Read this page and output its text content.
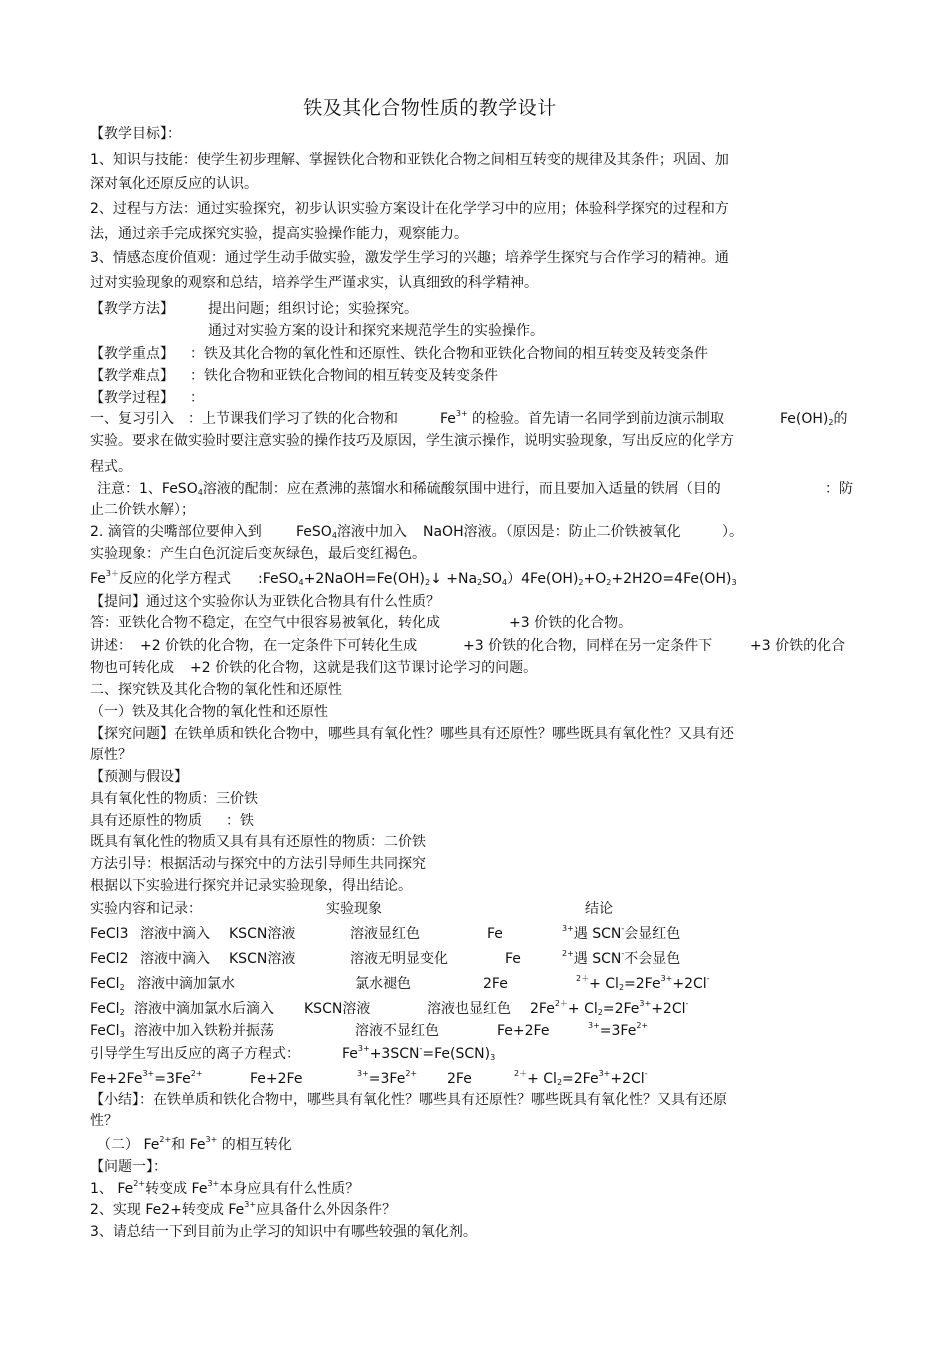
铁及其化合物性质的教学设计
【教学目标】：
1、知识与技能：使学生初步理解、掌握铁化合物和亚铁化合物之间相互转变的规律及其条件；巩固、加
深对氧化还原反应的认识。
2、过程与方法：通过实验探究，初步认识实验方案设计在化学学习中的应用；体验科学探究的过程和方
法，通过亲手完成探究实验，提高实验操作能力，观察能力。
3、情感态度价值观：通过学生动手做实验，激发学生学习的兴趣；培养学生探究与合作学习的精神。通
过对实验现象的观察和总结，培养学生严谨求实，认真细致的科学精神。
【教学方法】 提出问题；组织讨论；实验探究。
通过对实验方案的设计和探究来规范学生的实验操作。
【教学重点】 ：铁及其化合物的氧化性和还原性、铁化合物和亚铁化合物间的相互转变及转变条件
【教学难点】 ：铁化合物和亚铁化合物间的相互转变及转变条件
【教学过程】 ：
一、复习引入 ：上节课我们学习了铁的化合物和	$Fe^{3+}$ 的检验。首先请一名同学到前边演示制取	$Fe(OH)_2$的
实验。要求在做实验时要注意实验的操作技巧及原因，学生演示操作，说明实验现象，写出反应的化学方
程式。
注意：1、FeSO$_4$溶液的配制：应在煮沸的蒸馏水和稀硫酸氛围中进行，而且要加入适量的铁屑（目的	：防
止二价铁水解）；
2. 滴管的尖嘴部位要伸入到 FeSO$_4$溶液中加入 NaOH溶液。（原因是：防止二价铁被氧化	）。
实验现象：产生白色沉淀后变灰绿色，最后变红褐色。
$Fe^{3+}$反应的化学方程式 $:FeSO_4+2NaOH=Fe(OH)_2↓ +Na_2SO_4)4Fe(OH)_2+O_2+2H2O=4Fe(OH)_3$
【提问】通过这个实验你认为亚铁化合物具有什么性质？
答：亚铁化合物不稳定，在空气中很容易被氧化，转化成	+3 价铁的化合物。
讲述： +2 价铁的化合物，在一定条件下可转化生成	+3 价铁的化合物，同样在另一定条件下	+3 价铁的化合
物也可转化成 +2 价铁的化合物，这就是我们这节课讨论学习的问题。
二、探究铁及其化合物的氧化性和还原性
（一）铁及其化合物的氧化性和还原性
【探究问题】在铁单质和铁化合物中，哪些具有氧化性？哪些具有还原性？哪些既具有氧化性？又具有还
原性？
【预测与假设】
具有氧化性的物质：三价铁
具有还原性的物质 ：铁
既具有氧化性的物质又具有具有还原性的物质：二价铁
方法引导：根据活动与探究中的方法引导师生共同探究
根据以下实验进行探究并记录实验现象，得出结论。
实验内容和记录：	实验现象	结论
FeCl3 溶液中滴入 KSCN溶液	溶液显红色	Fe	$^{3+}$遇 SCN-会显红色
FeCl2 溶液中滴入 KSCN溶液	溶液无明显变化	Fe	$^{2+}$遇 SCN-不会显色
FeCl$_2$ 溶液中滴加氯水	氯水褪色	2Fe	$^{2+}+ Cl_2=2Fe^{3+}+2Cl^-$
FeCl$_2$ 溶液中滴加氯水后滴入 KSCN溶液	溶液也显红色 $2Fe^{2+}+ Cl_2=2Fe^{3+}+2Cl^-$
FeCl$_3$ 溶液中加入铁粉并振荡	溶液不显红色	Fe+2Fe	$^{3+}=3Fe^{2+}$
引导学生写出反应的离子方程式：	$Fe^{3+}+3SCN^-=Fe(SCN)_3$
$Fe+2Fe^{3+}=3Fe^{2+}$	Fe+2Fe	$^{3+}=3Fe^{2+}$ 2Fe	$^{2+}+ Cl_2=2Fe^{3+}+2Cl^-$
【小结】：在铁单质和铁化合物中，哪些具有氧化性？哪些具有还原性？哪些既具有氧化性？又具有还原
性？
（二） $Fe^{2+}$和 $Fe^{3+}$ 的相互转化
【问题一】：
1、 $Fe^{2+}$转变成 $Fe^{3+}$本身应具有什么性质？
2、实现 Fe2+转变成 $Fe^{3+}$应具备什么外因条件？
3、请总结一下到目前为止学习的知识中有哪些较强的氧化剂。
